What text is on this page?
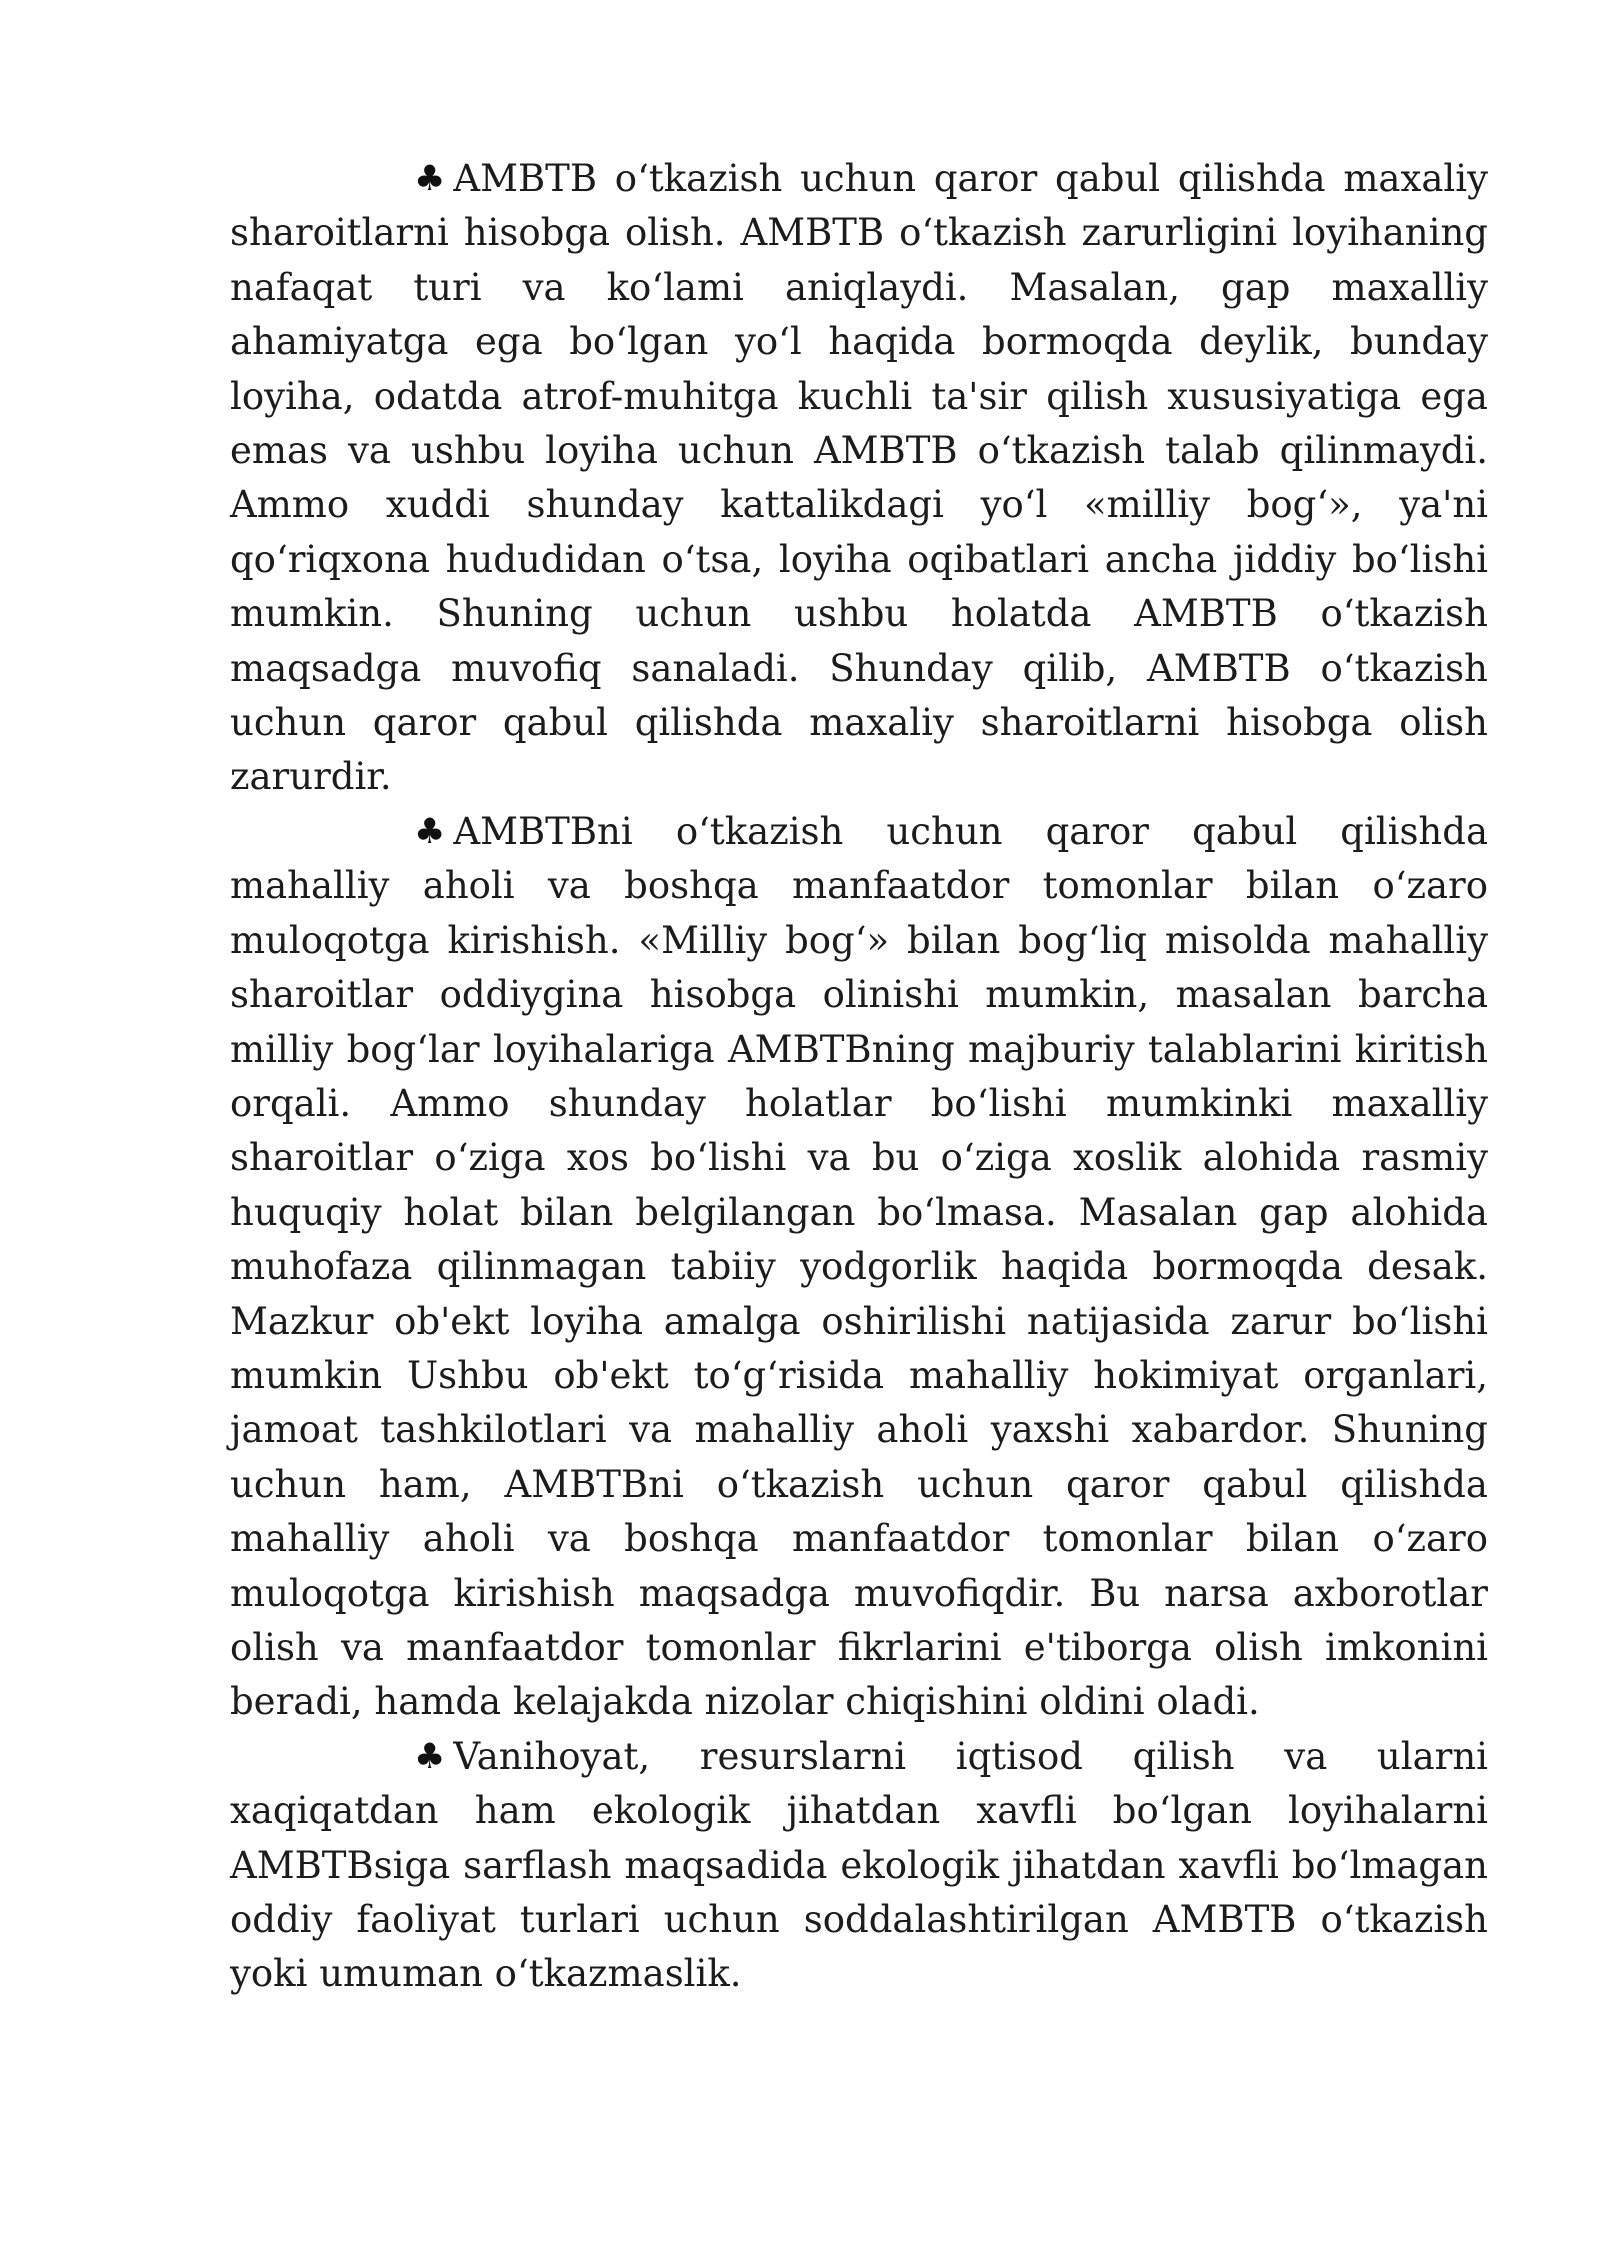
♣ AMBTB o‘tkazish uchun qaror qabul qilishda maxaliy sharoitlarni hisobga olish. AMBTB o‘tkazish zarurligini loyihaning nafaqat turi va ko‘lami aniqlaydi. Masalan, gap maxalliy ahamiyatga ega bo‘lgan yo‘l haqida bormoqda deylik, bunday loyiha, odatda atrof-muhitga kuchli ta'sir qilish xususiyatiga ega emas va ushbu loyiha uchun AMBTB o‘tkazish talab qilinmaydi. Ammo xuddi shunday kattalikdagi yo‘l «milliy bog‘», ya'ni qo‘riqxona hududidan o‘tsa, loyiha oqibatlari ancha jiddiy bo‘lishi mumkin. Shuning uchun ushbu holatda AMBTB o‘tkazish maqsadga muvofiq sanaladi. Shunday qilib, AMBTB o‘tkazish uchun qaror qabul qilishda maxaliy sharoitlarni hisobga olish zarurdir.

♣ AMBTBni o‘tkazish uchun qaror qabul qilishda mahalliy aholi va boshqa manfaatdor tomonlar bilan o‘zaro muloqotga kirishish. «Milliy bog‘» bilan bog‘liq misolda mahalliy sharoitlar oddiygina hisobga olinishi mumkin, masalan barcha milliy bog‘lar loyihalariga AMBTBning majburiy talablarini kiritish orqali. Ammo shunday holatlar bo‘lishi mumkinki maxalliy sharoitlar o‘ziga xos bo‘lishi va bu o‘ziga xoslik alohida rasmiy huquqiy holat bilan belgilangan bo‘lmasa. Masalan gap alohida muhofaza qilinmagan tabiiy yodgorlik haqida bormoqda desak. Mazkur ob'ekt loyiha amalga oshirilishi natijasida zarur bo‘lishi mumkin Ushbu ob'ekt to‘g‘risida mahalliy hokimiyat organlari, jamoat tashkilotlari va mahalliy aholi yaxshi xabardor. Shuning uchun ham, AMBTBni o‘tkazish uchun qaror qabul qilishda mahalliy aholi va boshqa manfaatdor tomonlar bilan o‘zaro muloqotga kirishish maqsadga muvofiqdir. Bu narsa axborotlar olish va manfaatdor tomonlar fikrlarini e'tiborga olish imkonini beradi, hamda kelajakda nizolar chiqishini oldini oladi.

♣ Vanihoyat, resurslarni iqtisod qilish va ularni xaqiqatdan ham ekologik jihatdan xavfli bo‘lgan loyihalarni AMBTBsiga sarflash maqsadida ekologik jihatdan xavfli bo‘lmagan oddiy faoliyat turlari uchun soddalashtirilgan AMBTB o‘tkazish yoki umuman o‘tkazmaslik.
